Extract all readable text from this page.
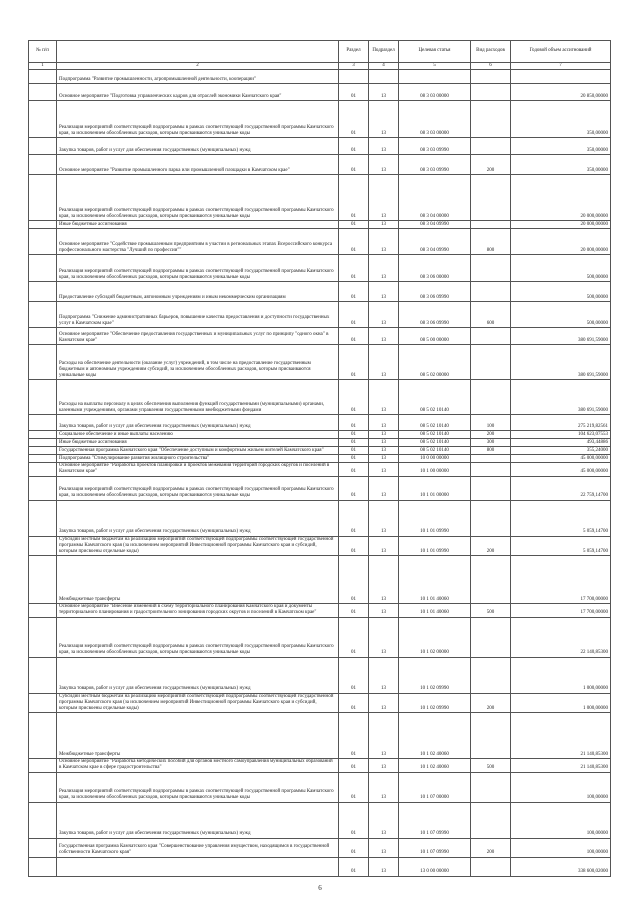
№ п/п		Раздел	Подраздел	Целевая статья	Вид расходов	Годовой объем ассигнований
1	2	3	4	5	6	7
	Подпрограмма "Развитие промышленности, агропромышленной деятельности, кооперации"					
	Основное мероприятие "Подготовка управленческих кадров для отраслей экономики Камчатского края"	01	13	08 3 03 00000		20 850,00000
	Реализация мероприятий соответствующей подпрограммы в рамках соответствующей государственной программы Камчатского края, за исключением обособленных расходов, которым присваиваются уникальные коды	01	13	08 3 03 00000		350,00000
	Закупка товаров, работ и услуг для обеспечения государственных (муниципальных) нужд	01	13	08 3 03 09990		350,00000
	Основное мероприятие "Развитие промышленного парка или промышленной площадки в Камчатском крае"	01	13	08 3 03 09990	200	350,00000
	Реализация мероприятий соответствующей подпрограммы в рамках соответствующей государственной программы Камчатского края, за исключением обособленных расходов, которым присваиваются уникальные коды	01	13	08 3 04 00000		20 000,00000
	Иные бюджетные ассигнования	01	13	08 3 04 09990		20 000,00000
	Основное мероприятие "Содействие промышленным предприятиям в участии в региональных этапах Всероссийского конкурса профессионального мастерства "Лучший по профессии""	01	13	08 3 04 09990	800	20 000,00000
	Реализация мероприятий соответствующей подпрограммы в рамках соответствующей государственной программы Камчатского края, за исключением обособленных расходов, которым присваиваются уникальные коды	01	13	08 3 06 00000		500,00000
	Предоставление субсидий бюджетным, автономным учреждениям и иным некоммерческим организациям	01	13	08 3 06 09990		500,00000
	Подпрограмма "Снижение административных барьеров, повышение качества предоставления и доступности государственных услуг в Камчатском крае"	01	13	08 3 06 09990	600	500,00000
	Основное мероприятие "Обеспечение предоставления государственных и муниципальных услуг по принципу "одного окна" в Камчатском крае"	01	13	08 5 00 00000		380 691,59000
	Расходы на обеспечение деятельности (оказание услуг) учреждений, в том числе на предоставление государственным бюджетным и автономным учреждениям субсидий, за исключением обособленных расходов, которым присваиваются уникальные коды	01	13	08 5 02 00000		380 691,59000
	Расходы на выплаты персоналу в целях обеспечения выполнения функций государственными (муниципальными) органами, казенными учреждениями, органами управления государственными внебюджетными фондами	01	13	08 5 02 10140		380 691,59000
	Закупка товаров, работ и услуг для обеспечения государственных (муниципальных) нужд	01	13	08 5 02 10140	100	275 219,82561
	Социальное обеспечение и иные выплаты населению	01	13	08 5 02 10140	200	104 623,07553
	Иные бюджетные ассигнования	01	13	08 5 02 10140	300	493,44886
	Государственная программа Камчатского края "Обеспечение доступным и комфортным жильем жителей Камчатского края"	01	13	08 5 02 10140	800	355,24000
	Подпрограмма "Стимулирование развития жилищного строительства"	01	13	10 0 00 00000		45 000,00000
	Основное мероприятие "Разработка проектов планировки и проектов межевания территорий городских округов и поселений в Камчатском крае"	01	13	10 1 00 00000		45 000,00000
	Реализация мероприятий соответствующей подпрограммы в рамках соответствующей государственной программы Камчатского края, за исключением обособленных расходов, которым присваиваются уникальные коды	01	13	10 1 01 00000		22 759,14700
	Закупка товаров, работ и услуг для обеспечения государственных (муниципальных) нужд	01	13	10 1 01 09990		5 059,14700
	Субсидии местным бюджетам на реализацию мероприятий соответствующей подпрограммы соответствующей государственной программы Камчатского края (за исключением мероприятий Инвестиционной программы Камчатского края и субсидий, которым присвоены отдельные коды)	01	13	10 1 01 09990	200	5 059,14700
	Межбюджетные трансферты	01	13	10 1 01 40060		17 700,00000
	Основное мероприятие "Внесение изменений в схему территориального планирования Камчатского края и документы территориального планирования и градостроительного зонирования городских округов и поселений в Камчатском крае"	01	13	10 1 01 40060	500	17 700,00000
	Реализация мероприятий соответствующей подпрограммы в рамках соответствующей государственной программы Камчатского края, за исключением обособленных расходов, которым присваиваются уникальные коды	01	13	10 1 02 00000		22 140,85300
	Закупка товаров, работ и услуг для обеспечения государственных (муниципальных) нужд	01	13	10 1 02 09990		1 000,00000
	Субсидии местным бюджетам на реализацию мероприятий соответствующей подпрограммы соответствующей государственной программы Камчатского края (за исключением мероприятий Инвестиционной программы Камчатского края и субсидий, которым присвоены отдельные коды)	01	13	10 1 02 09990	200	1 000,00000
	Межбюджетные трансферты	01	13	10 1 02 40060		21 140,85300
	Основное мероприятие "Разработка методических пособий для органов местного самоуправления муниципальных образований в Камчатском крае в сфере градостроительства"	01	13	10 1 02 40060	500	21 140,85300
	Реализация мероприятий соответствующей подпрограммы в рамках соответствующей государственной программы Камчатского края, за исключением обособленных расходов, которым присваиваются уникальные коды	01	13	10 1 07 00000		100,00000
	Закупка товаров, работ и услуг для обеспечения государственных (муниципальных) нужд	01	13	10 1 07 09990		100,00000
	Государственная программа Камчатского края "Совершенствование управления имуществом, находящимся в государственной собственности Камчатского края"	01	13	10 1 07 09990	200	100,00000
		01	13	13 0 00 00000		338 600,02000
6
